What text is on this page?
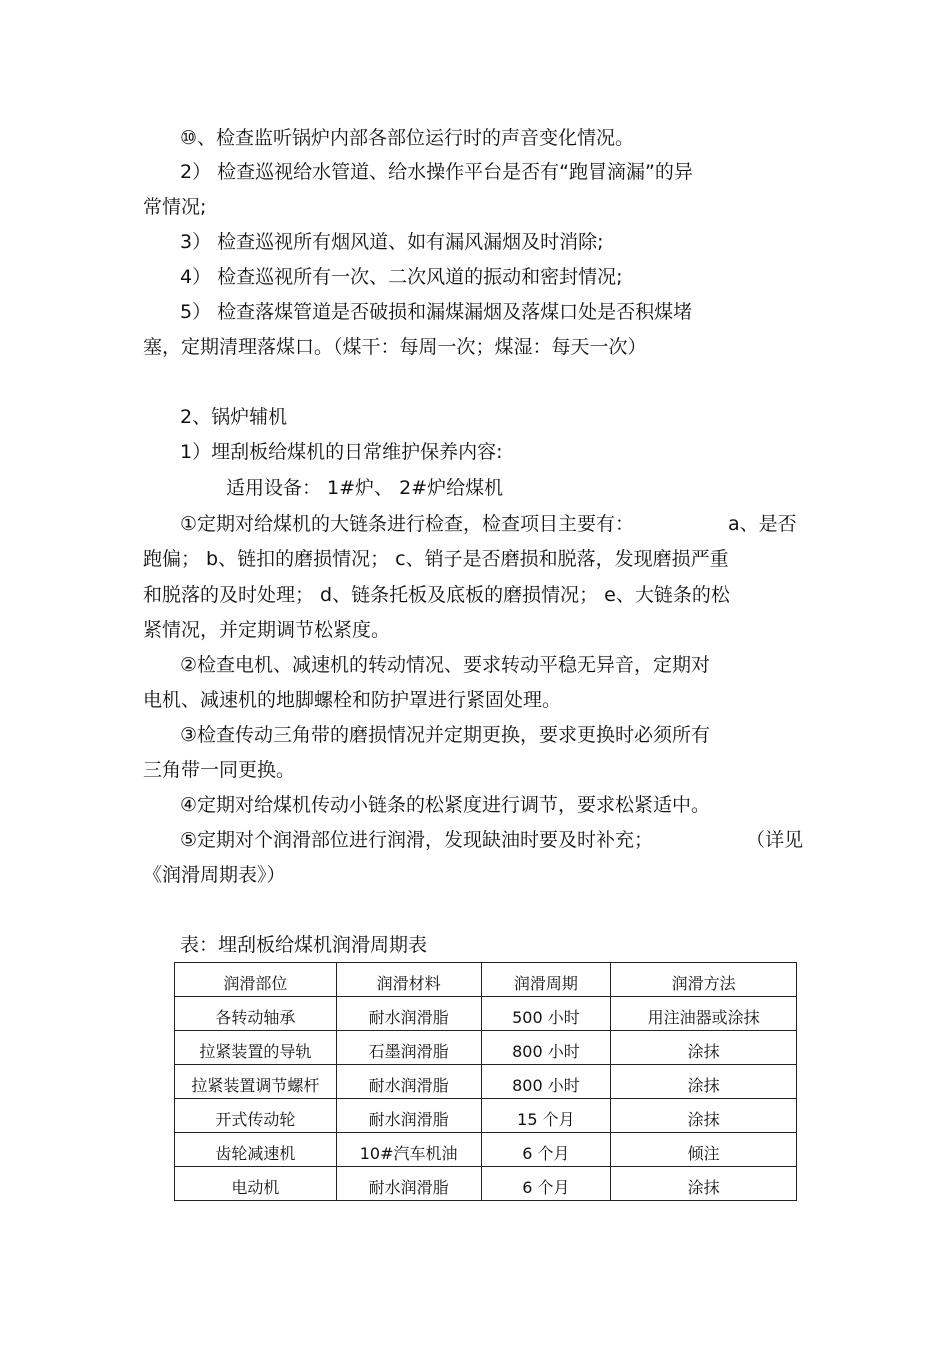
⑩、检查监听锅炉内部各部位运行时的声音变化情况。
2） 检查巡视给水管道、给水操作平台是否有“跑冒滴漏”的异
常情况;
3） 检查巡视所有烟风道、如有漏风漏烟及时消除;
4） 检查巡视所有一次、二次风道的振动和密封情况;
5） 检查落煤管道是否破损和漏煤漏烟及落煤口处是否积煤堵
塞，定期清理落煤口。（煤干：每周一次；煤湿：每天一次）
2、锅炉辅机
1）埋刮板给煤机的日常维护保养内容:
适用设备： 1#炉、 2#炉给煤机
①定期对给煤机的大链条进行检查，检查项目主要有：	a、是否
跑偏； b、链扣的磨损情况； c、销子是否磨损和脱落，发现磨损严重
和脱落的及时处理； d、链条托板及底板的磨损情况； e、大链条的松
紧情况，并定期调节松紧度。
②检查电机、减速机的转动情况、要求转动平稳无异音，定期对
电机、减速机的地脚螺栓和防护罩进行紧固处理。
③检查传动三角带的磨损情况并定期更换，要求更换时必须所有
三角带一同更换。
④定期对给煤机传动小链条的松紧度进行调节，要求松紧适中。
⑤定期对个润滑部位进行润滑，发现缺油时要及时补充；	（详见
《润滑周期表》）
表：埋刮板给煤机润滑周期表
润滑部位	润滑材料	润滑周期	润滑方法
各转动轴承	耐水润滑脂	500 小时	用注油器或涂抹
拉紧装置的导轨	石墨润滑脂	800 小时	涂抹
拉紧装置调节螺杆	耐水润滑脂	800 小时	涂抹
开式传动轮	耐水润滑脂	15 个月	涂抹
齿轮减速机	10#汽车机油	6 个月	倾注
电动机	耐水润滑脂	6 个月	涂抹
